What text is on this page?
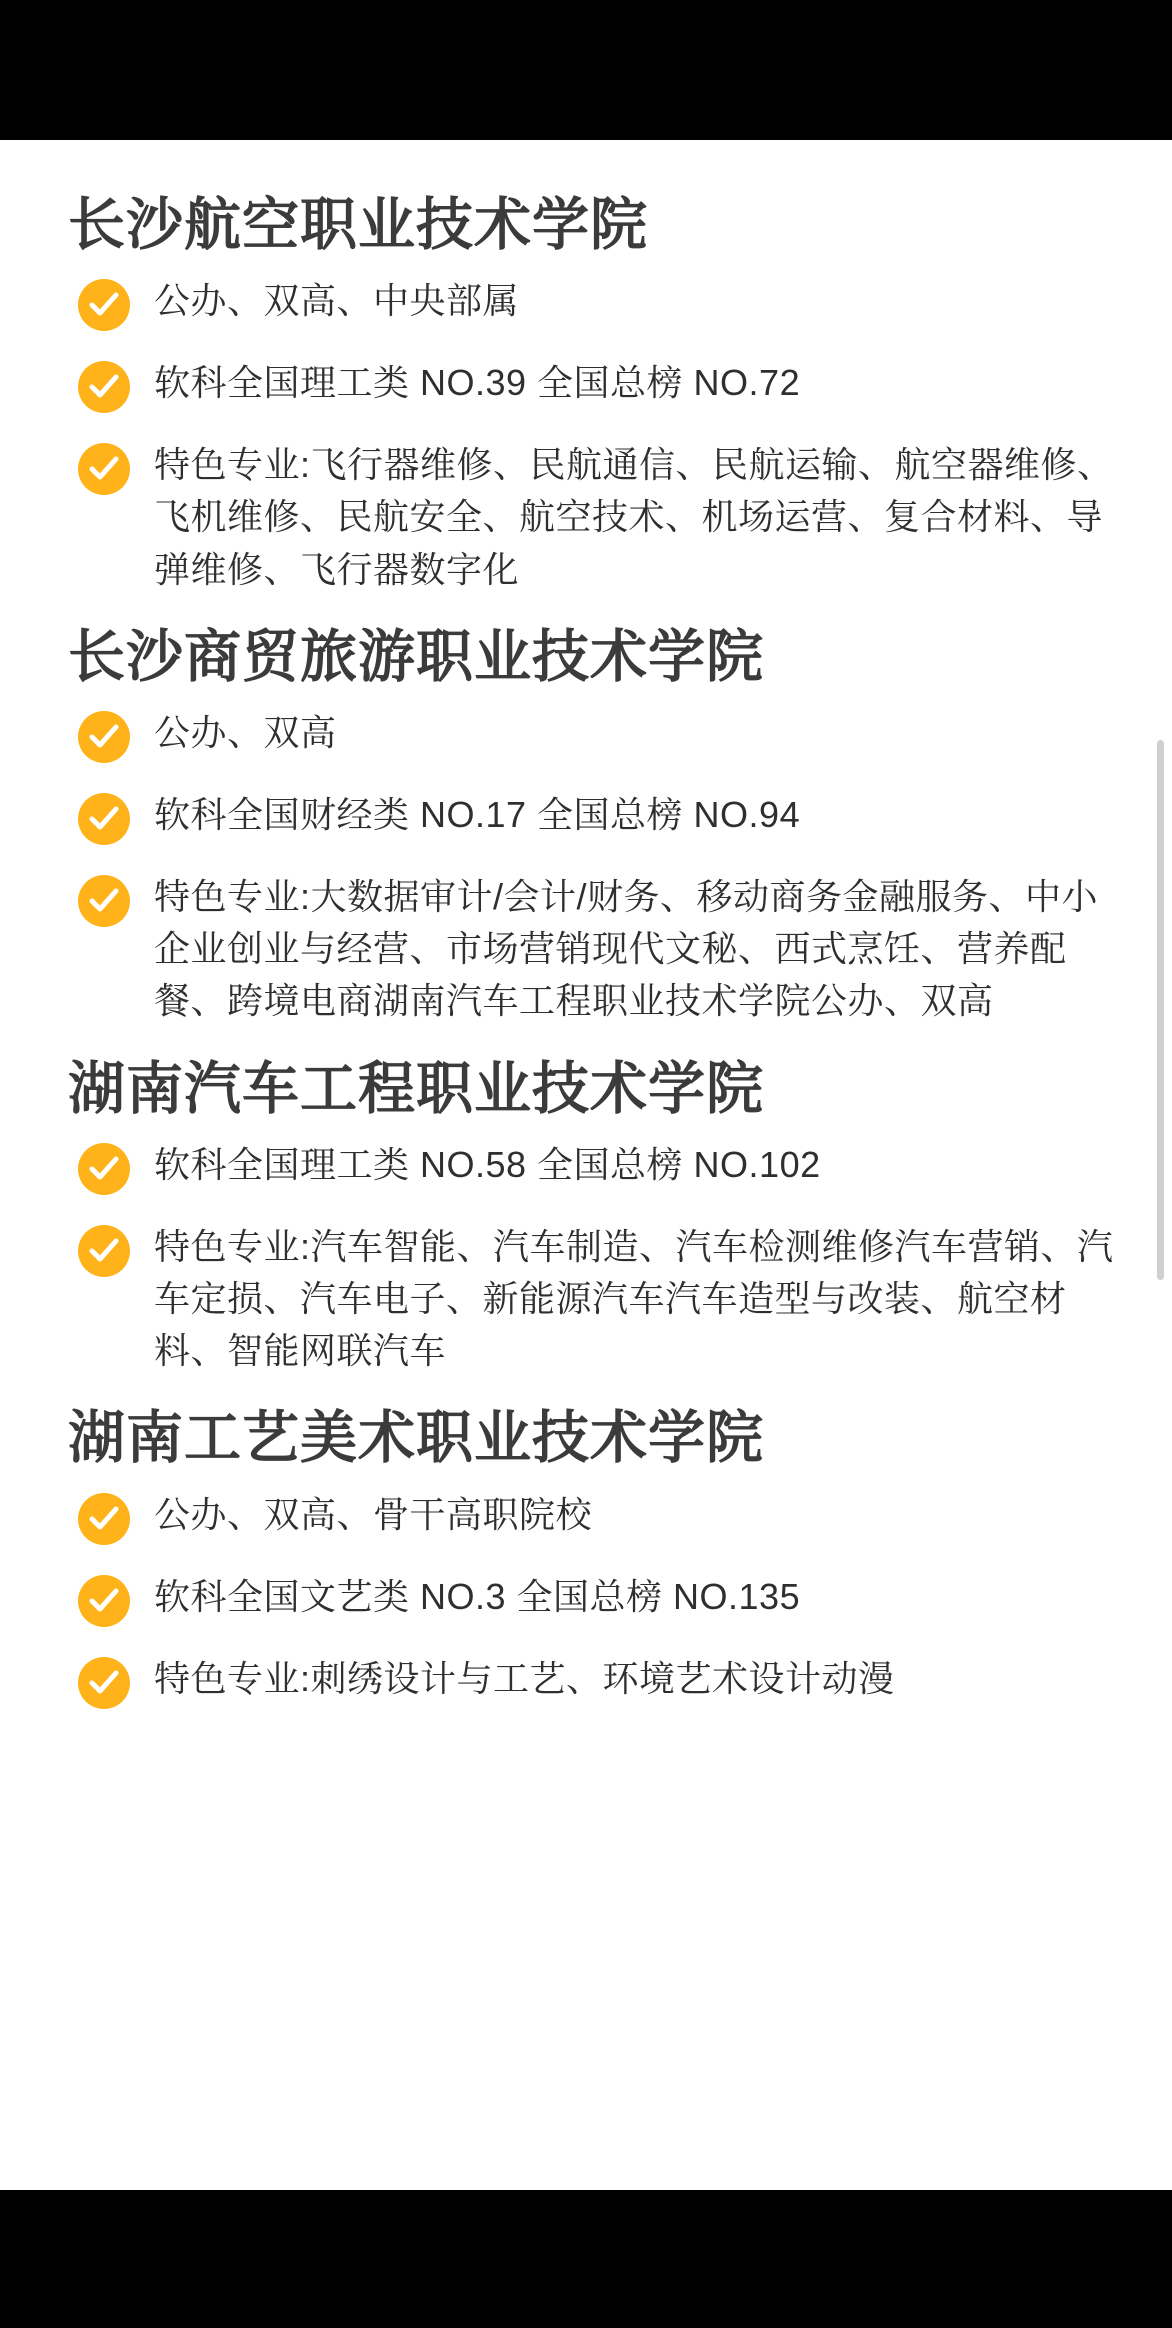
长沙航空职业技术学院
公办、双高、中央部属
软科全国理工类 NO.39 全国总榜 NO.72
特色专业:飞行器维修、民航通信、民航运输、航空器维修、飞机维修、民航安全、航空技术、机场运营、复合材料、导弹维修、飞行器数字化
长沙商贸旅游职业技术学院
公办、双高
软科全国财经类 NO.17 全国总榜 NO.94
特色专业:大数据审计/会计/财务、移动商务金融服务、中小企业创业与经营、市场营销现代文秘、西式烹饪、营养配餐、跨境电商湖南汽车工程职业技术学院公办、双高
湖南汽车工程职业技术学院
软科全国理工类 NO.58 全国总榜 NO.102
特色专业:汽车智能、汽车制造、汽车检测维修汽车营销、汽车定损、汽车电子、新能源汽车汽车造型与改装、航空材料、智能网联汽车
湖南工艺美术职业技术学院
公办、双高、骨干高职院校
软科全国文艺类 NO.3 全国总榜 NO.135
特色专业:刺绣设计与工艺、环境艺术设计动漫
